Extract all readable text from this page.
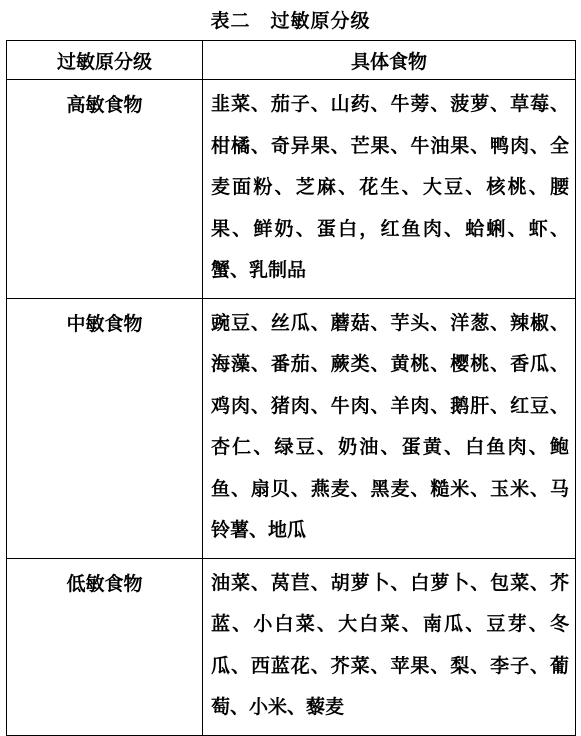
表二　过敏原分级
过敏原分级	具体食物
高敏食物	韭菜、茄子、山药、牛蒡、菠萝、草莓、柑橘、奇异果、芒果、牛油果、鸭肉、全麦面粉、芝麻、花生、大豆、核桃、腰果、鲜奶、蛋白，红鱼肉、蛤蜊、虾、蟹、乳制品
中敏食物	豌豆、丝瓜、蘑菇、芋头、洋葱、辣椒、海藻、番茄、蕨类、黄桃、樱桃、香瓜、鸡肉、猪肉、牛肉、羊肉、鹅肝、红豆、杏仁、绿豆、奶油、蛋黄、白鱼肉、鲍鱼、扇贝、燕麦、黑麦、糙米、玉米、马铃薯、地瓜
低敏食物	油菜、莴苣、胡萝卜、白萝卜、包菜、芥蓝、小白菜、大白菜、南瓜、豆芽、冬瓜、西蓝花、芥菜、苹果、梨、李子、葡萄、小米、藜麦
